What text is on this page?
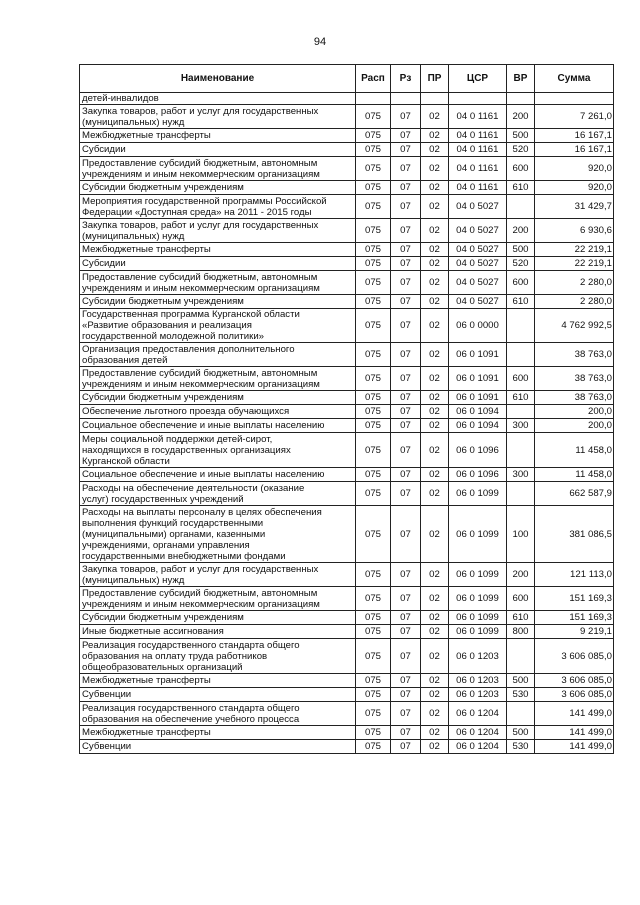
94
Наименование	Расп	Рз	ПР	ЦСР	ВР	Сумма

детей-инвалидов						

Закупка товаров, работ и услуг для государственных
(муниципальных) нужд	075	07	02	04 0 1161	200	7 261,0

Межбюджетные трансферты	075	07	02	04 0 1161	500	16 167,1

Субсидии	075	07	02	04 0 1161	520	16 167,1

Предоставление субсидий бюджетным, автономным
учреждениям и иным некоммерческим организациям	075	07	02	04 0 1161	600	920,0

Субсидии бюджетным учреждениям	075	07	02	04 0 1161	610	920,0

Мероприятия государственной программы Российской
Федерации «Доступная среда» на 2011 - 2015 годы	075	07	02	04 0 5027		31 429,7

Закупка товаров, работ и услуг для государственных
(муниципальных) нужд	075	07	02	04 0 5027	200	6 930,6

Межбюджетные трансферты	075	07	02	04 0 5027	500	22 219,1

Субсидии	075	07	02	04 0 5027	520	22 219,1

Предоставление субсидий бюджетным, автономным
учреждениям и иным некоммерческим организациям	075	07	02	04 0 5027	600	2 280,0

Субсидии бюджетным учреждениям	075	07	02	04 0 5027	610	2 280,0

Государственная программа Курганской области
«Развитие образования и реализация
государственной молодежной политики»	075	07	02	06 0 0000		4 762 992,5

Организация предоставления дополнительного
образования детей	075	07	02	06 0 1091		38 763,0

Предоставление субсидий бюджетным, автономным
учреждениям и иным некоммерческим организациям	075	07	02	06 0 1091	600	38 763,0

Субсидии бюджетным учреждениям	075	07	02	06 0 1091	610	38 763,0

Обеспечение льготного проезда обучающихся	075	07	02	06 0 1094		200,0

Социальное обеспечение и иные выплаты населению	075	07	02	06 0 1094	300	200,0

Меры социальной поддержки детей-сирот,
находящихся в государственных организациях
Курганской области	075	07	02	06 0 1096		11 458,0

Социальное обеспечение и иные выплаты населению	075	07	02	06 0 1096	300	11 458,0

Расходы на обеспечение деятельности (оказание
услуг) государственных учреждений	075	07	02	06 0 1099		662 587,9

Расходы на выплаты персоналу в целях обеспечения
выполнения функций государственными
(муниципальными) органами, казенными
учреждениями, органами управления
государственными внебюджетными фондами	075	07	02	06 0 1099	100	381 086,5

Закупка товаров, работ и услуг для государственных
(муниципальных) нужд	075	07	02	06 0 1099	200	121 113,0

Предоставление субсидий бюджетным, автономным
учреждениям и иным некоммерческим организациям	075	07	02	06 0 1099	600	151 169,3

Субсидии бюджетным учреждениям	075	07	02	06 0 1099	610	151 169,3

Иные бюджетные ассигнования	075	07	02	06 0 1099	800	9 219,1

Реализация государственного стандарта общего
образования на оплату труда работников
общеобразовательных организаций	075	07	02	06 0 1203		3 606 085,0

Межбюджетные трансферты	075	07	02	06 0 1203	500	3 606 085,0

Субвенции	075	07	02	06 0 1203	530	3 606 085,0

Реализация государственного стандарта общего
образования на обеспечение учебного процесса	075	07	02	06 0 1204		141 499,0

Межбюджетные трансферты	075	07	02	06 0 1204	500	141 499,0

Субвенции	075	07	02	06 0 1204	530	141 499,0
